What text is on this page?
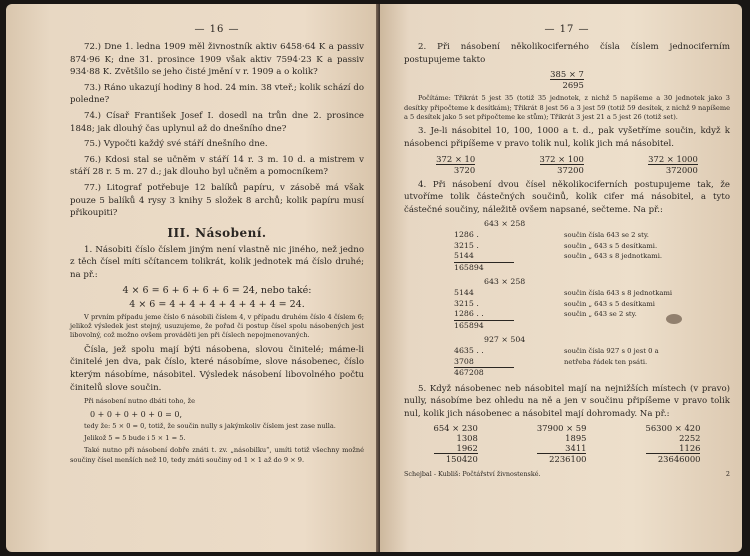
— 16 —

72.) Dne 1. ledna 1909 měl živnostník aktiv 6458·64 K a passiv 874·96 K; dne 31. prosince 1909 však aktiv 7594·23 K a passiv 934·88 K. Zvětšilo se jeho čisté jmění v r. 1909 a o kolik?

73.) Ráno ukazují hodiny 8 hod. 24 min. 38 vteř.; kolik schází do poledne?

74.) Císař František Josef I. dosedl na trůn dne 2. prosince 1848; jak dlouhý čas uplynul až do dnešního dne?

75.) Vypočti každý své stáří dnešního dne.

76.) Kdosi stal se učněm v stáří 14 r. 3 m. 10 d. a mistrem v stáří 28 r. 5 m. 27 d.; jak dlouho byl učněm a pomocníkem?

77.) Litograf potřebuje 12 balíků papíru, v zásobě má však pouze 5 balíků 4 rysy 3 knihy 5 složek 8 archů; kolik papíru musí přikoupiti?

III. Násobení.

1. Násobiti číslo číslem jiným není vlastně nic jiného, než jedno z těch čísel míti sčítancem tolikrát, kolik jednotek má číslo druhé; na př.:

4 × 6 = 6 + 6 + 6 + 6 = 24, nebo také:
4 × 6 = 4 + 4 + 4 + 4 + 4 + 4 = 24.

V prvním případu jeme číslo 6 násobili číslem 4, v případu druhém číslo 4 číslem 6; jelikož výsledek jest stejný, usuzujeme, že pořad či postup čísel spolu násobených jest libovolný, což možno ovšem prováděti jen při číslech nepojmenovaných.

Čísla, jež spolu mají býti násobena, slovou činitelé; máme-li činitelé jen dva, pak číslo, které násobíme, slove násobenec, číslo kterým násobíme, násobitel. Výsledek násobení libovolného počtu činitelů slove součin.

Při násobení nutno dbáti toho, že

0 + 0 + 0 + 0 + 0 = 0,

tedy že: 5 × 0 = 0, totiž, že součin nully s jakýmkoliv číslem jest zase nulla.

Jelikož 5 = 5 bude i 5 × 1 = 5.

Také nutno při násobení dobře znáti t. zv. „násobilku“, umíti totiž všechny možné součiny čísel menších než 10, tedy znáti součiny od 1 × 1 až do 9 × 9.

— 17 —

2. Při násobení několikociferného čísla číslem jednociferním postupujeme takto

385 × 7
2695

Počítáme: Třikrát 5 jest 35 (totiž 35 jednotek, z nichž 5 napíšeme a 30 jednotek jako 3 desítky připočteme k desítkám); Třikrát 8 jest 56 a 3 jest 59 (totiž 59 desítek, z nichž 9 napíšeme a 5 desítek jako 5 set připočteme ke stům); Třikrát 3 jest 21 a 5 jest 26 (totiž set).

3. Je-li násobitel 10, 100, 1000 a t. d., pak vyšetříme součin, když k násobenci připíšeme v pravo tolik nul, kolik jich má násobitel.

372 × 10
3720
372 × 100
37200
372 × 1000
372000

4. Při násobení dvou čísel několikociferních postupujeme tak, že utvoříme tolik částečných součinů, kolik cifer má násobitel, a tyto částečné součiny, náležitě ovšem napsané, sečteme. Na př.:

643 × 258
1286 .	součin čísla 643 se 2 sty.
3215 .	součin „ 643 s 5 desítkami.
5144	součin „ 643 s 8 jednotkami.
165894
643 × 258
5144	součin čísla 643 s 8 jednotkami
3215 .	součin „ 643 s 5 desítkami
1286 . .	součin „ 643 se 2 sty.
165894
927 × 504
4635 . .	součin čísla 927 s 0 jest 0 a
3708	netřeba řádek ten psáti.
467208

5. Když násobenec neb násobitel mají na nejnižších místech (v pravo) nully, násobíme bez ohledu na ně a jen v součinu připíšeme v pravo tolik nul, kolik jich násobenec a násobitel mají dohromady. Na př.:

654 × 230
1308
1962
150420
37900 × 59
1895
3411
2236100
56300 × 420
2252
1126
23646000
Schejbal - Kubliš: Počtářství živnostenské.	2
